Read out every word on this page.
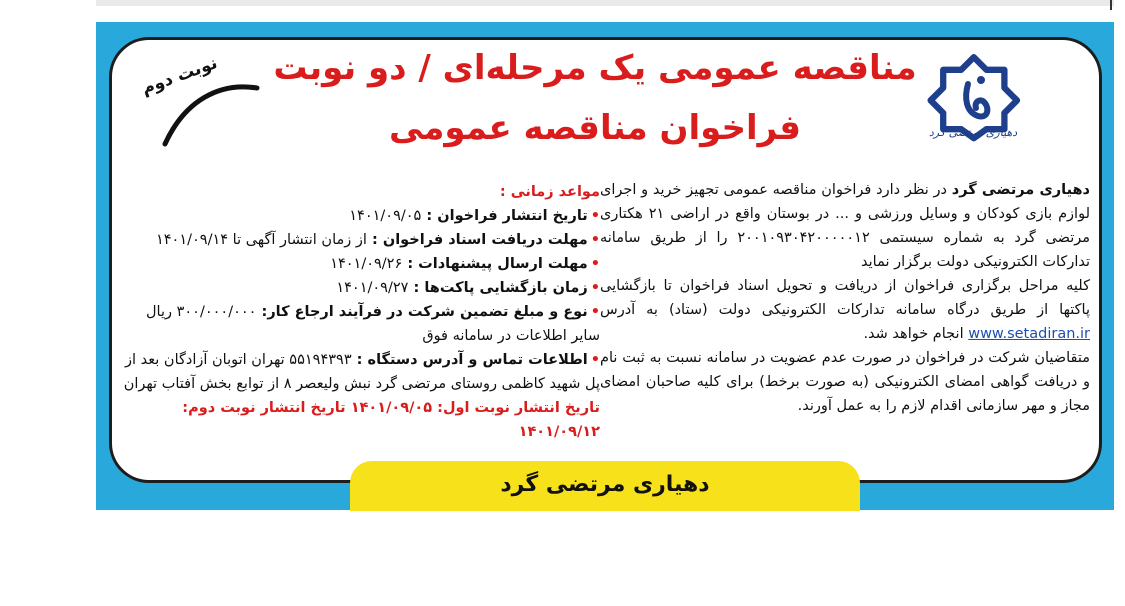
مناقصه عمومی یک مرحله‌ای / دو نوبت
فراخوان مناقصه عمومی	دهیاری مرتضی گرد
نوبت دوم

دهیاری مرتضی گرد در نظر دارد فراخوان مناقصه عمومی تجهیز خرید و اجرای لوازم بازی کودکان و وسایل ورزشی و ... در بوستان واقع در اراضی ۲۱ هکتاری مرتضی گرد به شماره سیستمی ۲۰۰۱۰۹۳۰۴۲۰۰۰۰۰۱۲ را از طریق سامانه تدارکات الکترونیکی دولت برگزار نماید

کلیه مراحل برگزاری فراخوان از دریافت و تحویل اسناد فراخوان تا بازگشایی پاکتها از طریق درگاه سامانه تدارکات الکترونیکی دولت (ستاد) به آدرس www.setadiran.ir انجام خواهد شد.

متقاضیان شرکت در فراخوان در صورت عدم عضویت در سامانه نسبت به ثبت نام و دریافت گواهی امضای الکترونیکی (به صورت برخط) برای کلیه صاحبان امضای مجاز و مهر سازمانی اقدام لازم را به عمل آورند.

مواعد زمانی :

•تاریخ انتشار فراخوان : ۱۴۰۱/۰۹/۰۵

•مهلت دریافت اسناد فراخوان : از زمان انتشار آگهی تا ۱۴۰۱/۰۹/۱۴

•مهلت ارسال پیشنهادات : ۱۴۰۱/۰۹/۲۶

•زمان بازگشایی پاکت‌ها : ۱۴۰۱/۰۹/۲۷

•نوع و مبلغ تضمین شرکت در فرآیند ارجاع کار: ۳۰۰/۰۰۰/۰۰۰ ریال سایر اطلاعات در سامانه فوق

•اطلاعات تماس و آدرس دستگاه : ۵۵۱۹۴۳۹۳ تهران اتوبان آزادگان بعد از پل شهید کاظمی روستای مرتضی گرد نبش ولیعصر ۸ از توابع بخش آفتاب تهران

تاریخ انتشار نوبت اول: ۱۴۰۱/۰۹/۰۵ تاریخ انتشار نوبت دوم: ۱۴۰۱/۰۹/۱۲

دهیاری مرتضی گرد
